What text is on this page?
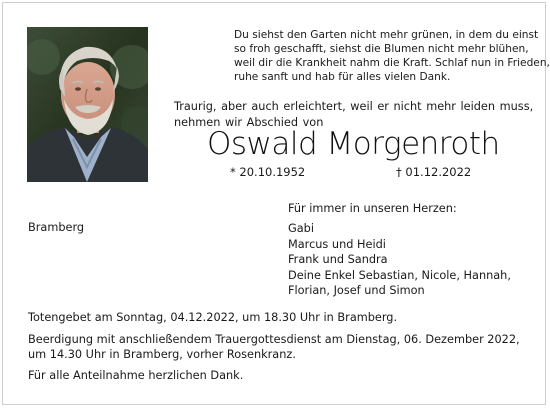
Du siehst den Garten nicht mehr grünen, in dem du einst
so froh geschafft, siehst die Blumen nicht mehr blühen,
weil dir die Krankheit nahm die Kraft. Schlaf nun in Frieden,
ruhe sanft und hab für alles vielen Dank.
Traurig, aber auch erleichtert, weil er nicht mehr leiden muss,
nehmen wir Abschied von
Oswald Morgenroth
* 20.10.1952	† 01.12.2022
Für immer in unseren Herzen:
Bramberg	Gabi
Marcus und Heidi
Frank und Sandra
Deine Enkel Sebastian, Nicole, Hannah,
Florian, Josef und Simon
Totengebet am Sonntag, 04.12.2022, um 18.30 Uhr in Bramberg.
Beerdigung mit anschließendem Trauergottesdienst am Dienstag, 06. Dezember 2022,
um 14.30 Uhr in Bramberg, vorher Rosenkranz.
Für alle Anteilnahme herzlichen Dank.
